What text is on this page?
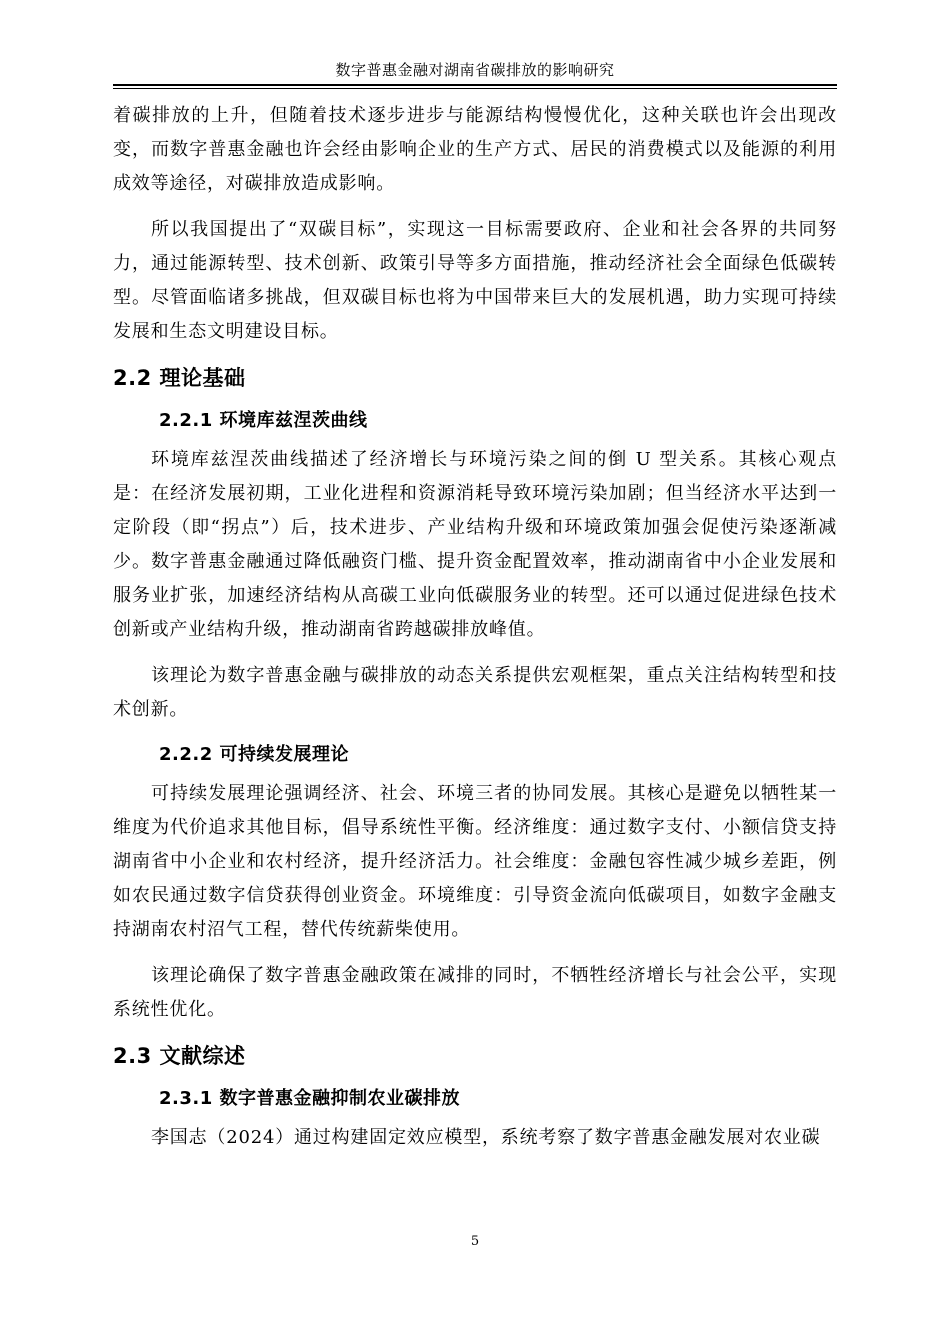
数字普惠金融对湖南省碳排放的影响研究

着碳排放的上升，但随着技术逐步进步与能源结构慢慢优化，这种关联也许会出现改变，而数字普惠金融也许会经由影响企业的生产方式、居民的消费模式以及能源的利用成效等途径，对碳排放造成影响。

所以我国提出了“双碳目标”，实现这一目标需要政府、企业和社会各界的共同努力，通过能源转型、技术创新、政策引导等多方面措施，推动经济社会全面绿色低碳转型。尽管面临诸多挑战，但双碳目标也将为中国带来巨大的发展机遇，助力实现可持续发展和生态文明建设目标。

2.2 理论基础
2.2.1 环境库兹涅茨曲线

环境库兹涅茨曲线描述了经济增长与环境污染之间的倒 U 型关系。其核心观点是：在经济发展初期，工业化进程和资源消耗导致环境污染加剧；但当经济水平达到一定阶段（即“拐点”）后，技术进步、产业结构升级和环境政策加强会促使污染逐渐减少。数字普惠金融通过降低融资门槛、提升资金配置效率，推动湖南省中小企业发展和服务业扩张，加速经济结构从高碳工业向低碳服务业的转型。还可以通过促进绿色技术创新或产业结构升级，推动湖南省跨越碳排放峰值。

该理论为数字普惠金融与碳排放的动态关系提供宏观框架，重点关注结构转型和技术创新。

2.2.2 可持续发展理论

可持续发展理论强调经济、社会、环境三者的协同发展。其核心是避免以牺牲某一维度为代价追求其他目标，倡导系统性平衡。经济维度：通过数字支付、小额信贷支持湖南省中小企业和农村经济，提升经济活力。社会维度：金融包容性减少城乡差距，例如农民通过数字信贷获得创业资金。环境维度：引导资金流向低碳项目，如数字金融支持湖南农村沼气工程，替代传统薪柴使用。

该理论确保了数字普惠金融政策在减排的同时，不牺牲经济增长与社会公平，实现系统性优化。

2.3 文献综述
2.3.1 数字普惠金融抑制农业碳排放

李国志（2024）通过构建固定效应模型，系统考察了数字普惠金融发展对农业碳

5
